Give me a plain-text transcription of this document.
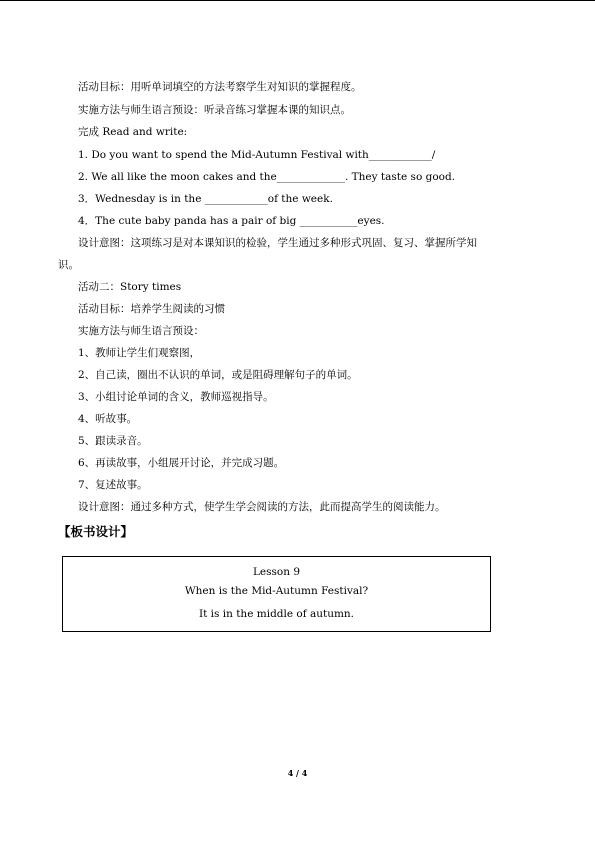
活动目标：用听单词填空的方法考察学生对知识的掌握程度。
实施方法与师生语言预设：听录音练习掌握本课的知识点。
完成 Read and write:
1. Do you want to spend the Mid-Autumn Festival with____________/
2. We all like the moon cakes and the_____________. They taste so good.
3．Wednesday is in the ____________of the week.
4．The cute baby panda has a pair of big ___________eyes.
设计意图：这项练习是对本课知识的检验，学生通过多种形式巩固、复习、掌握所学知
识。
活动二：Story times
活动目标：培养学生阅读的习惯
实施方法与师生语言预设：
1、教师让学生们观察图，
2、自己读，圈出不认识的单词，或是阻碍理解句子的单词。
3、小组讨论单词的含义，教师巡视指导。
4、听故事。
5、跟读录音。
6、再读故事，小组展开讨论，并完成习题。
7、复述故事。
设计意图：通过多种方式，使学生学会阅读的方法，此而提高学生的阅读能力。
【板书设计】
Lesson 9
When is the Mid-Autumn Festival?
It is in the middle of autumn.
4 / 4
